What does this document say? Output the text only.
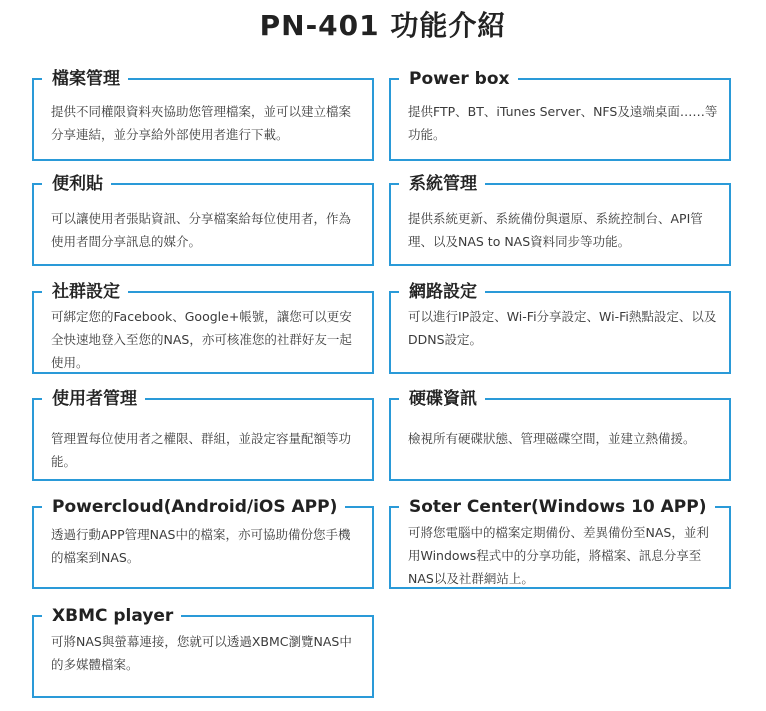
PN-401 功能介紹
檔案管理

提供不同權限資料夾協助您管理檔案，並可以建立檔案分享連結，並分享給外部使用者進行下載。

Power box

提供FTP、BT、iTunes Server、NFS及遠端桌面……等功能。

便利貼

可以讓使用者張貼資訊、分享檔案給每位使用者，作為使用者間分享訊息的媒介。

系統管理

提供系統更新、系統備份與還原、系統控制台、API管理、以及NAS to NAS資料同步等功能。

社群設定

可綁定您的Facebook、Google+帳號，讓您可以更安全快速地登入至您的NAS，亦可核准您的社群好友一起使用。

網路設定

可以進行IP設定、Wi-Fi分享設定、Wi-Fi熱點設定、以及DDNS設定。

使用者管理

管理置每位使用者之權限、群組，並設定容量配額等功能。

硬碟資訊

檢視所有硬碟狀態、管理磁碟空間，並建立熱備援。

Powercloud(Android/iOS APP)

透過行動APP管理NAS中的檔案，亦可協助備份您手機的檔案到NAS。

Soter Center(Windows 10 APP)

可將您電腦中的檔案定期備份、差異備份至NAS，並利用Windows程式中的分享功能，將檔案、訊息分享至NAS以及社群網站上。

XBMC player

可將NAS與螢幕連接，您就可以透過XBMC瀏覽NAS中的多媒體檔案。
